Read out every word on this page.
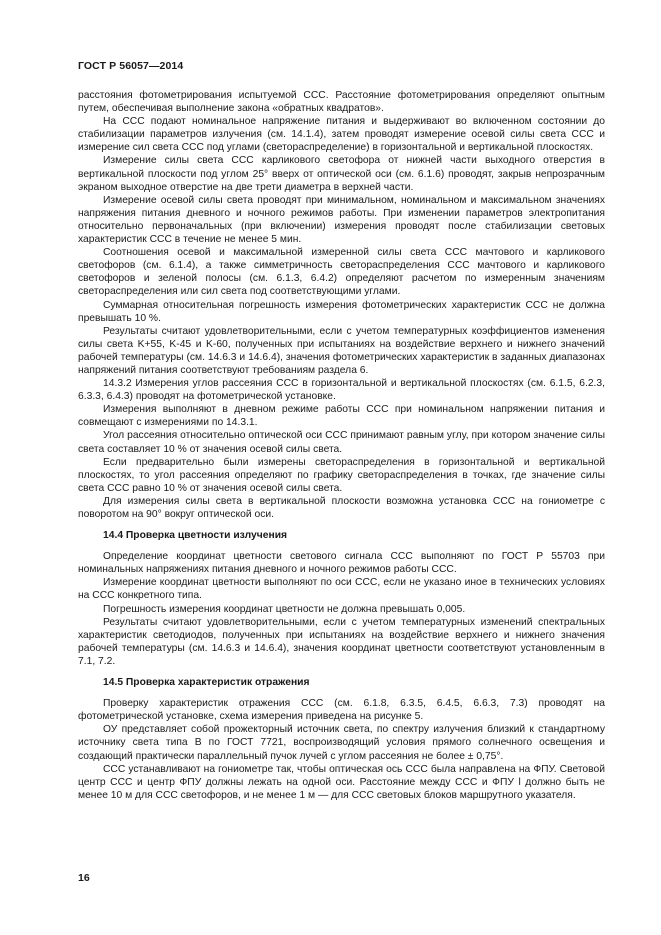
ГОСТ Р 56057—2014

расстояния фотометрирования испытуемой ССС. Расстояние фотометрирования определяют опытным путем, обеспечивая выполнение закона «обратных квадратов».

На ССС подают номинальное напряжение питания и выдерживают во включенном состоянии до стабилизации параметров излучения (см. 14.1.4), затем проводят измерение осевой силы света ССС и измерение сил света ССС под углами (светораспределение) в горизонтальной и вертикальной плоскостях.

Измерение силы света ССС карликового светофора от нижней части выходного отверстия в вертикальной плоскости под углом 25° вверх от оптической оси (см. 6.1.6) проводят, закрыв непрозрачным экраном выходное отверстие на две трети диаметра в верхней части.

Измерение осевой силы света проводят при минимальном, номинальном и максимальном значениях напряжения питания дневного и ночного режимов работы. При изменении параметров электропитания относительно первоначальных (при включении) измерения проводят после стабилизации световых характеристик ССС в течение не менее 5 мин.

Соотношения осевой и максимальной измеренной силы света ССС мачтового и карликового светофоров (см. 6.1.4), а также симметричность светораспределения ССС мачтового и карликового светофоров и зеленой полосы (см. 6.1.3, 6.4.2) определяют расчетом по измеренным значениям светораспределения или сил света под соответствующими углами.

Суммарная относительная погрешность измерения фотометрических характеристик ССС не должна превышать 10 %.

Результаты считают удовлетворительными, если с учетом температурных коэффициентов изменения силы света K+55, K-45 и K-60, полученных при испытаниях на воздействие верхнего и нижнего значений рабочей температуры (см. 14.6.3 и 14.6.4), значения фотометрических характеристик в заданных диапазонах напряжений питания соответствуют требованиям раздела 6.

14.3.2 Измерения углов рассеяния ССС в горизонтальной и вертикальной плоскостях (см. 6.1.5, 6.2.3, 6.3.3, 6.4.3) проводят на фотометрической установке.

Измерения выполняют в дневном режиме работы ССС при номинальном напряжении питания и совмещают с измерениями по 14.3.1.

Угол рассеяния относительно оптической оси ССС принимают равным углу, при котором значение силы света составляет 10 % от значения осевой силы света.

Если предварительно были измерены светораспределения в горизонтальной и вертикальной плоскостях, то угол рассеяния определяют по графику светораспределения в точках, где значение силы света ССС равно 10 % от значения осевой силы света.

Для измерения силы света в вертикальной плоскости возможна установка ССС на гониометре с поворотом на 90° вокруг оптической оси.

14.4 Проверка цветности излучения

Определение координат цветности светового сигнала ССС выполняют по ГОСТ Р 55703 при номинальных напряжениях питания дневного и ночного режимов работы ССС.

Измерение координат цветности выполняют по оси ССС, если не указано иное в технических условиях на ССС конкретного типа.

Погрешность измерения координат цветности не должна превышать 0,005.

Результаты считают удовлетворительными, если с учетом температурных изменений спектральных характеристик светодиодов, полученных при испытаниях на воздействие верхнего и нижнего значения рабочей температуры (см. 14.6.3 и 14.6.4), значения координат цветности соответствуют установленным в 7.1, 7.2.

14.5 Проверка характеристик отражения

Проверку характеристик отражения ССС (см. 6.1.8, 6.3.5, 6.4.5, 6.6.3, 7.3) проводят на фотометрической установке, схема измерения приведена на рисунке 5.

ОУ представляет собой прожекторный источник света, по спектру излучения близкий к стандартному источнику света типа В по ГОСТ 7721, воспроизводящий условия прямого солнечного освещения и создающий практически параллельный пучок лучей с углом рассеяния не более ± 0,75°.

ССС устанавливают на гониометре так, чтобы оптическая ось ССС была направлена на ФПУ. Световой центр ССС и центр ФПУ должны лежать на одной оси. Расстояние между ССС и ФПУ l должно быть не менее 10 м для ССС светофоров, и не менее 1 м — для ССС световых блоков маршрутного указателя.

16
